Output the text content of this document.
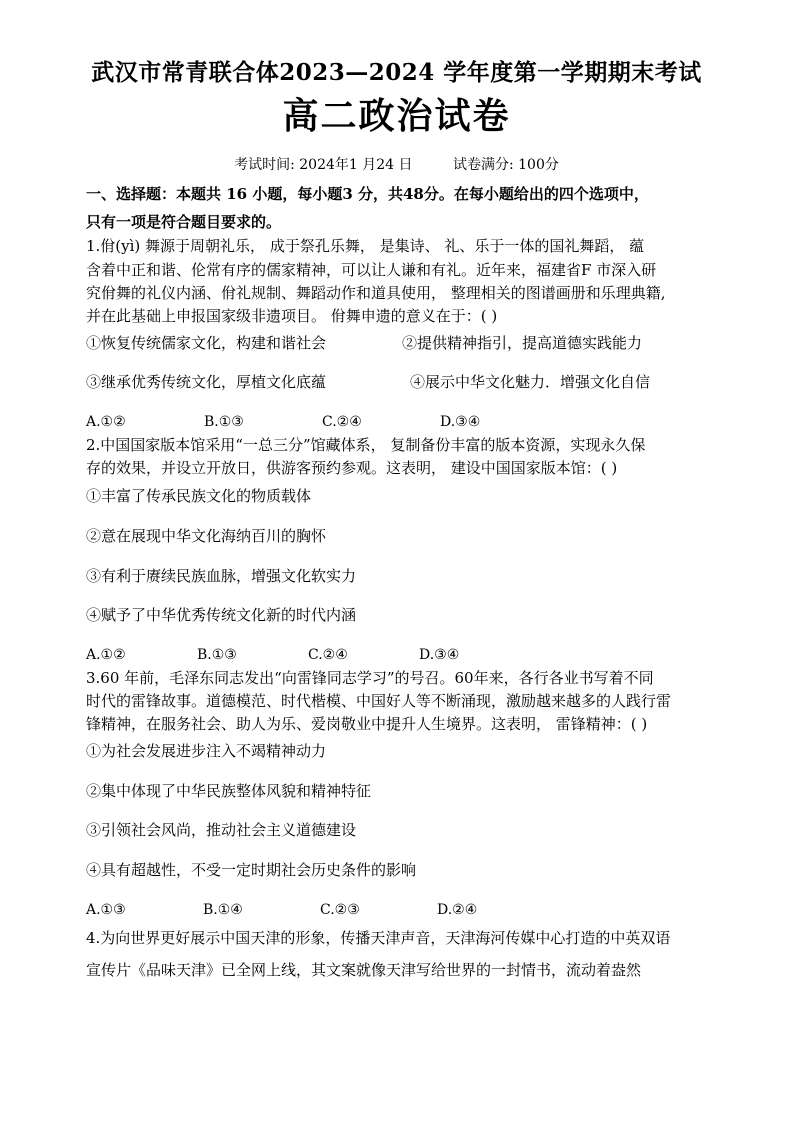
武汉市常青联合体2023—2024 学年度第一学期期末考试
高二政治试卷
考试时间: 2024年1 月24 日	试卷满分: 100分
一、选择题：本题共 16 小题，每小题3 分，共48分。在每小题给出的四个选项中，
只有一项是符合题目要求的。
1.佾(yì) 舞源于周朝礼乐， 成于祭孔乐舞， 是集诗、 礼、乐于一体的国礼舞蹈， 蕴
含着中正和谐、伦常有序的儒家精神，可以让人谦和有礼。近年来，福建省F 市深入研
究佾舞的礼仪内涵、佾礼规制、舞蹈动作和道具使用， 整理相关的图谱画册和乐理典籍,
并在此基础上申报国家级非遗项目。 佾舞申遗的意义在于：( )
①恢复传统儒家文化，构建和谐社会	②提供精神指引，提高道德实践能力
③继承优秀传统文化，厚植文化底蕴	④展示中华文化魅力．增强文化自信
A.①②	B.①③	C.②④	D.③④
2.中国国家版本馆采用“一总三分”馆藏体系， 复制备份丰富的版本资源，实现永久保
存的效果，并设立开放日，供游客预约参观。这表明， 建设中国国家版本馆：( )
①丰富了传承民族文化的物质载体
②意在展现中华文化海纳百川的胸怀
③有利于赓续民族血脉，增强文化软实力
④赋予了中华优秀传统文化新的时代内涵
A.①②	B.①③	C.②④	D.③④
3.60 年前，毛泽东同志发出“向雷锋同志学习”的号召。60年来，各行各业书写着不同
时代的雷锋故事。道德模范、时代楷模、中国好人等不断涌现，激励越来越多的人践行雷
锋精神，在服务社会、助人为乐、爱岗敬业中提升人生境界。这表明， 雷锋精神：( )
①为社会发展进步注入不竭精神动力
②集中体现了中华民族整体风貌和精神特征
③引领社会风尚，推动社会主义道德建设
④具有超越性，不受一定时期社会历史条件的影响
A.①③	B.①④	C.②③	D.②④
4.为向世界更好展示中国天津的形象，传播天津声音，天津海河传媒中心打造的中英双语
宣传片《品味天津》已全网上线，其文案就像天津写给世界的一封情书，流动着盎然
